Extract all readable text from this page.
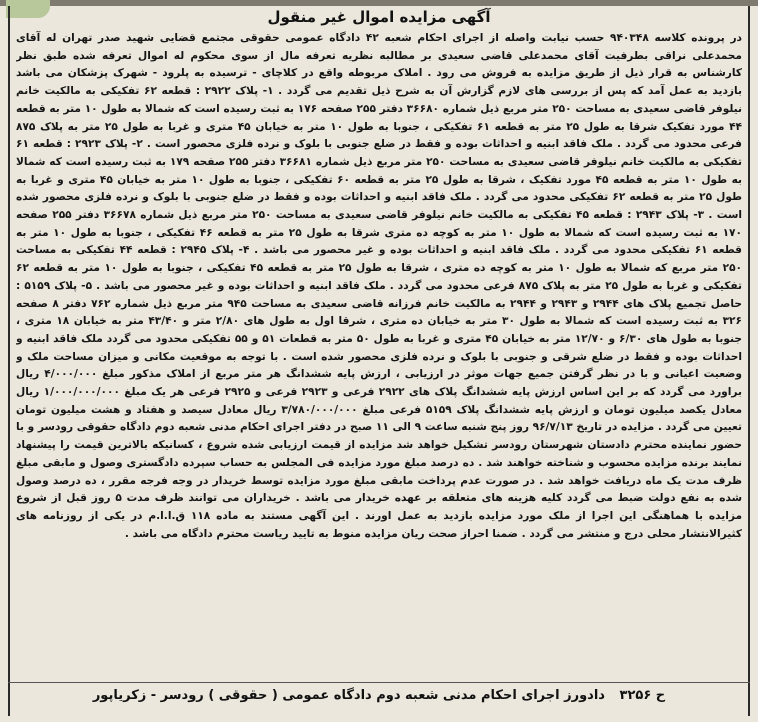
آگهی مزایده اموال غیر منقول

در پرونده کلاسه ۹۴۰۳۴۸ حسب نیابت واصله از اجرای احکام شعبه ۴۲ دادگاه عمومی حقوقی مجتمع قضایی شهید صدر تهران له آقای محمدعلی نراقی بطرفیت آقای محمدعلی قاضی سعیدی بر مطالبه نظریه تعرفه مال از سوی محکوم له اموال تعرفه شده طبق نظر کارشناس به قرار ذیل از طریق مزایده به فروش می رود . املاک مربوطه واقع در کلاچای - ترسیده به پلرود - شهرک پزشکان می باشد بازدید به عمل آمد که پس از بررسی های لازم گزارش آن به شرح ذیل تقدیم می گردد . ۱- پلاک ۲۹۲۲ : قطعه ۶۲ تفکیکی به مالکیت خانم نیلوفر قاضی سعیدی به مساحت ۲۵۰ متر مربع ذیل شماره ۳۶۶۸۰ دفتر ۲۵۵ صفحه ۱۷۶ به ثبت رسیده است که شمالا به طول ۱۰ متر به قطعه ۴۴ مورد تفکیک شرقا به طول ۲۵ متر به قطعه ۶۱ تفکیکی ، جنوبا به طول ۱۰ متر به خیابان ۴۵ متری و غربا به طول ۲۵ متر به پلاک ۸۷۵ فرعی محدود می گردد . ملک فاقد ابنیه و احداثات بوده و فقط در ضلع جنوبی با بلوک و نرده فلزی محصور است . ۲- پلاک ۲۹۲۳ : قطعه ۶۱ تفکیکی به مالکیت خانم نیلوفر قاضی سعیدی به مساحت ۲۵۰ متر مربع ذیل شماره ۳۶۶۸۱ دفتر ۲۵۵ صفحه ۱۷۹ به ثبت رسیده است که شمالا به طول ۱۰ متر به قطعه ۴۵ مورد تفکیک ، شرقا به طول ۲۵ متر به قطعه ۶۰ تفکیکی ، جنوبا به طول ۱۰ متر به خیابان ۴۵ متری و غربا به طول ۲۵ متر به قطعه ۶۲ تفکیکی محدود می گردد . ملک فاقد ابنیه و احداثات بوده و فقط در ضلع جنوبی با بلوک و نرده فلزی محصور شده است . ۳- پلاک ۲۹۴۳ : قطعه ۴۵ تفکیکی به مالکیت خانم نیلوفر قاضی سعیدی به مساحت ۲۵۰ متر مربع ذیل شماره ۳۶۶۷۸ دفتر ۲۵۵ صفحه ۱۷۰ به ثبت رسیده است که شمالا به طول ۱۰ متر به کوچه ده متری شرقا به طول ۲۵ متر به قطعه ۴۶ تفکیکی ، جنوبا به طول ۱۰ متر به قطعه ۶۱ تفکیکی محدود می گردد . ملک فاقد ابنیه و احداثات بوده و غیر محصور می باشد . ۴- پلاک ۲۹۴۵ : قطعه ۴۴ تفکیکی به مساحت ۲۵۰ متر مربع که شمالا به طول ۱۰ متر به کوچه ده متری ، شرقا به طول ۲۵ متر به قطعه ۴۵ تفکیکی ، جنوبا به طول ۱۰ متر به قطعه ۶۲ تفکیکی و غربا به طول ۲۵ متر به پلاک ۸۷۵ فرعی محدود می گردد . ملک فاقد ابنیه و احداثات بوده و غیر محصور می باشد . ۵- پلاک ۵۱۵۹ : حاصل تجمیع پلاک های ۲۹۴۴ و ۲۹۴۳ و ۲۹۴۴ به مالکیت خانم فرزانه قاضی سعیدی به مساحت ۹۴۵ متر مربع ذیل شماره ۷۶۲ دفتر ۸ صفحه ۳۲۶ به ثبت رسیده است که شمالا به طول ۳۰ متر به خیابان ده متری ، شرقا اول به طول های ۲/۸۰ متر و ۴۳/۴۰ متر به خیابان ۱۸ متری ، جنوبا به طول های ۶/۳۰ و ۱۲/۷۰ متر به خیابان ۴۵ متری و غربا به طول ۵۰ متر به قطعات ۵۱ و ۵۵ تفکیکی محدود می گردد ملک فاقد ابنیه و احداثات بوده و فقط در ضلع شرقی و جنوبی با بلوک و نرده فلزی محصور شده است . با توجه به موقعیت مکانی و میزان مساحت ملک و وضعیت اعیانی و با در نظر گرفتن جمیع جهات موثر در ارزیابی ، ارزش پایه ششدانگ هر متر مربع از املاک مذکور مبلغ ۴/۰۰۰/۰۰۰ ریال براورد می گردد که بر این اساس ارزش پایه ششدانگ پلاک های ۲۹۲۲ فرعی و ۲۹۲۳ فرعی و ۲۹۲۵ فرعی هر یک مبلغ ۱/۰۰۰/۰۰۰/۰۰۰ ریال معادل یکصد میلیون تومان و ارزش پایه ششدانگ پلاک ۵۱۵۹ فرعی مبلغ ۳/۷۸۰/۰۰۰/۰۰۰ ریال معادل سیصد و هفتاد و هشت میلیون تومان تعیین می گردد . مزایده در تاریخ ۹۶/۷/۱۳ روز پنج شنبه ساعت ۹ الی ۱۱ صبح در دفتر اجرای احکام مدنی شعبه دوم دادگاه حقوقی رودسر و با حضور نماینده محترم دادستان شهرستان رودسر تشکیل خواهد شد مزایده از قیمت ارزیابی شده شروع ، کسانیکه بالاترین قیمت را پیشنهاد نمایند برنده مزایده محسوب و شناخته خواهند شد . ده درصد مبلغ مورد مزایده فی المجلس به حساب سپرده دادگستری وصول و مابقی مبلغ ظرف مدت یک ماه دریافت خواهد شد . در صورت عدم پرداخت مابقی مبلغ مورد مزایده توسط خریدار در وجه فرجه مقرر ، ده درصد وصول شده به نفع دولت ضبط می گردد کلیه هزینه های متعلقه بر عهده خریدار می باشد . خریداران می توانند ظرف مدت ۵ روز قبل از شروع مزایده با هماهنگی این اجرا از ملک مورد مزایده بازدید به عمل اورند . این آگهی مستند به ماده ۱۱۸ ق.ا.ا.م در یکی از روزنامه های کثیرالانتشار محلی درج و منتشر می گردد . ضمنا احراز صحت ریان مزایده منوط به تایید ریاست محترم دادگاه می باشد .

ح ۳۲۵۶ دادورز اجرای احکام مدنی شعبه دوم دادگاه عمومی ( حقوقی ) رودسر - زکریاپور
